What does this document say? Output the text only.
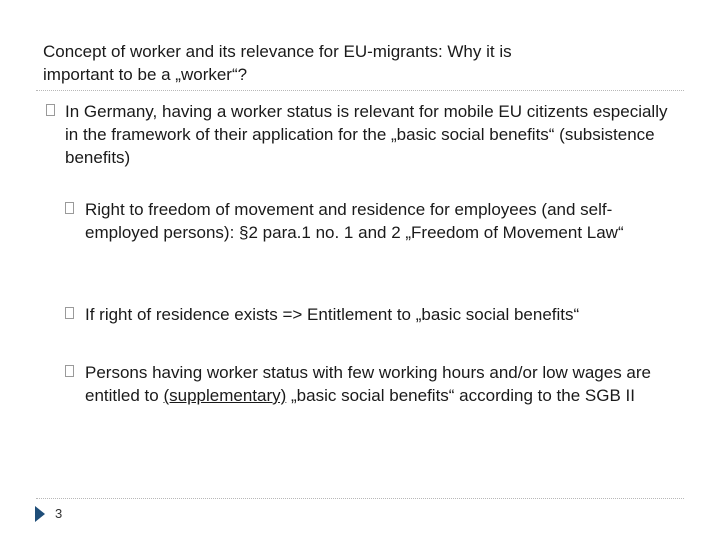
Concept of worker and its relevance for EU-migrants: Why it is
important to be a „worker“?
In Germany, having a worker status is relevant for mobile EU citizents especially in the framework of their application for the „basic social benefits“ (subsistence benefits)
Right to freedom of movement and residence for employees (and self-employed persons): §2 para.1 no. 1 and 2 „Freedom of Movement Law“
If right of residence exists => Entitlement to „basic social benefits“
Persons having worker status with few working hours and/or low wages are entitled to (supplementary) „basic social benefits“ according to the SGB II
3
